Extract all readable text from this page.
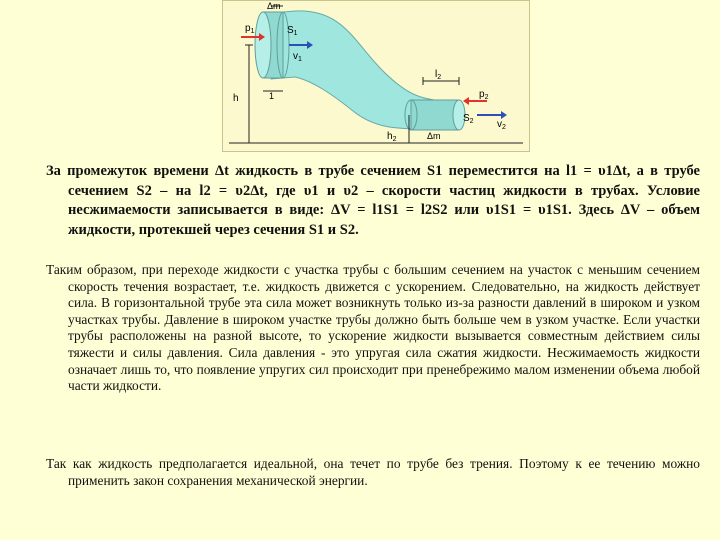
Δm
$p_1$	$S_1$
$v_1$
1
h
$l_2$
$p_2$
$S_2$ $v_2$
$h_2$	Δm

За промежуток времени Δt жидкость в трубе сечением S1 переместится на l1 = υ1Δt, а в трубе сечением S2 – на l2 = υ2Δt, где υ1 и υ2 – скорости частиц жидкости в трубах. Условие несжимаемости записывается в виде: ΔV = l1S1 = l2S2 или υ1S1 = υ1S1. Здесь ΔV – объем жидкости, протекшей через сечения S1 и S2.

Таким образом, при переходе жидкости с участка трубы с большим сечением на участок с меньшим сечением скорость течения возрастает, т.е. жидкость движется с ускорением. Следовательно, на жидкость действует сила. В горизонтальной трубе эта сила может возникнуть только из-за разности давлений в широком и узком участках трубы. Давление в широком участке трубы должно быть больше чем в узком участке. Если участки трубы расположены на разной высоте, то ускорение жидкости вызывается совместным действием силы тяжести и силы давления. Сила давления - это упругая сила сжатия жидкости. Несжимаемость жидкости означает лишь то, что появление упругих сил происходит при пренебрежимо малом изменении объема любой части жидкости.

Так как жидкость предполагается идеальной, она течет по трубе без трения. Поэтому к ее течению можно применить закон сохранения механической энергии.
